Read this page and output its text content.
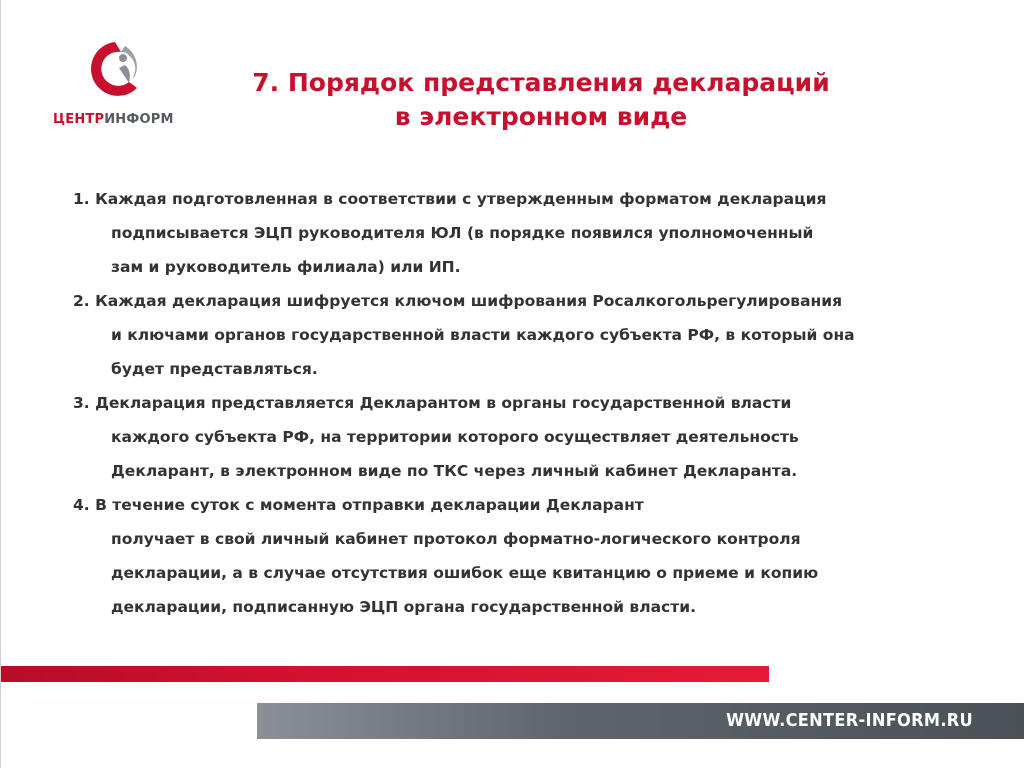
ЦЕНТРИНФОРМ
7. Порядок представления деклараций
в электронном виде
1. Каждая подготовленная в соответствии с утвержденным форматом декларация
подписывается ЭЦП руководителя ЮЛ (в порядке появился уполномоченный
зам и руководитель филиала) или ИП.
2. Каждая декларация шифруется ключом шифрования Росалкогольрегулирования
и ключами органов государственной власти каждого субъекта РФ, в который она
будет представляться.
3. Декларация представляется Декларантом в органы государственной власти
каждого субъекта РФ, на территории которого осуществляет деятельность
Декларант, в электронном виде по ТКС через личный кабинет Декларанта.
4. В течение суток с момента отправки декларации Декларант
получает в свой личный кабинет протокол форматно-логического контроля
декларации, а в случае отсутствия ошибок еще квитанцию о приеме и копию
декларации, подписанную ЭЦП органа государственной власти.
WWW.CENTER-INFORM.RU
